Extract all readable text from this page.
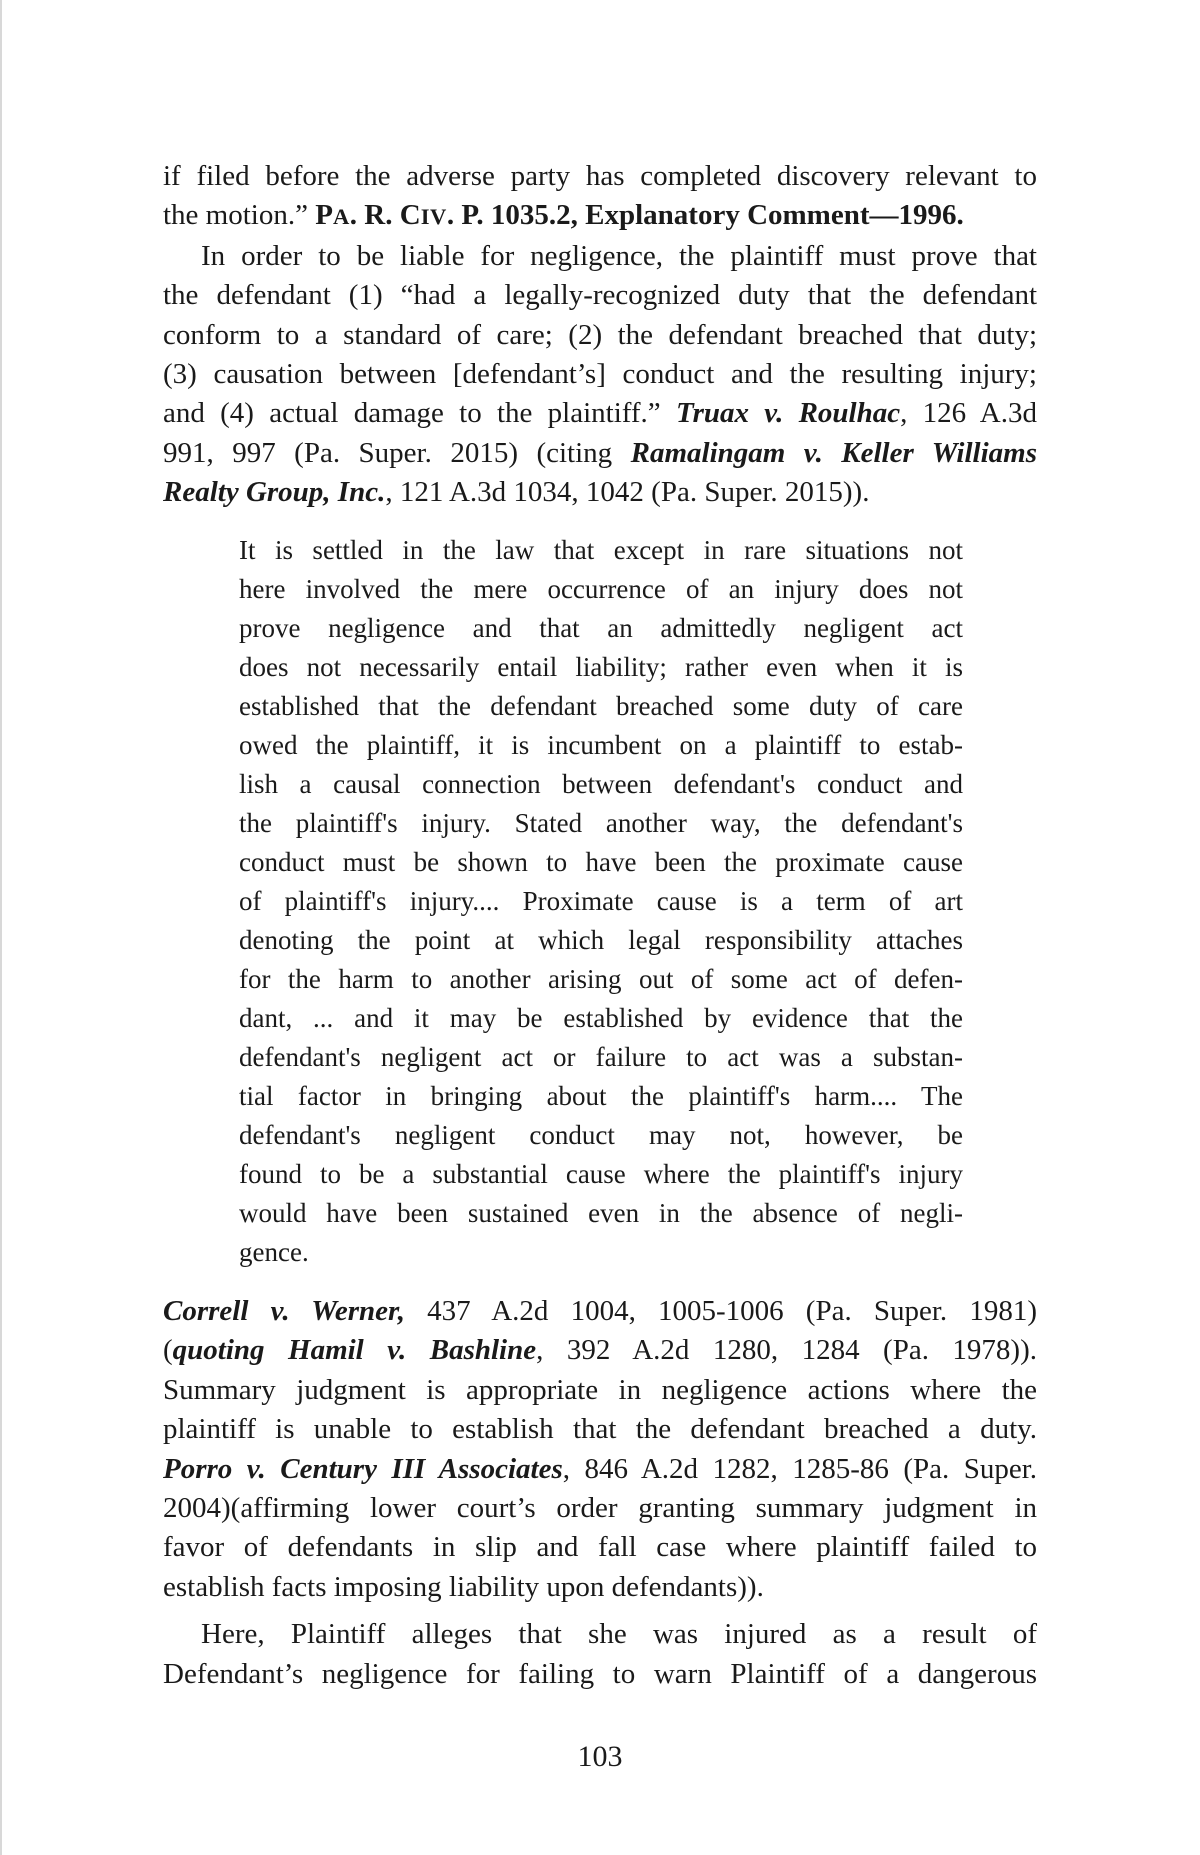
if filed before the adverse party has completed discovery relevant to
the motion.” PA. R. CIV. P. 1035.2, Explanatory Comment—1996.
In order to be liable for negligence, the plaintiff must prove that
the defendant (1) “had a legally-recognized duty that the defendant
conform to a standard of care; (2) the defendant breached that duty;
(3) causation between [defendant’s] conduct and the resulting injury;
and (4) actual damage to the plaintiff.” Truax v. Roulhac, 126 A.3d
991, 997 (Pa. Super. 2015) (citing Ramalingam v. Keller Williams
Realty Group, Inc., 121 A.3d 1034, 1042 (Pa. Super. 2015)).
It is settled in the law that except in rare situations not
here involved the mere occurrence of an injury does not
prove negligence and that an admittedly negligent act
does not necessarily entail liability; rather even when it is
established that the defendant breached some duty of care
owed the plaintiff, it is incumbent on a plaintiff to estab-
lish a causal connection between defendant's conduct and
the plaintiff's injury. Stated another way, the defendant's
conduct must be shown to have been the proximate cause
of plaintiff's injury.... Proximate cause is a term of art
denoting the point at which legal responsibility attaches
for the harm to another arising out of some act of defen-
dant, ... and it may be established by evidence that the
defendant's negligent act or failure to act was a substan-
tial factor in bringing about the plaintiff's harm.... The
defendant's negligent conduct may not, however, be
found to be a substantial cause where the plaintiff's injury
would have been sustained even in the absence of negli-
gence.
Correll v. Werner, 437 A.2d 1004, 1005-1006 (Pa. Super. 1981)
(quoting Hamil v. Bashline, 392 A.2d 1280, 1284 (Pa. 1978)).
Summary judgment is appropriate in negligence actions where the
plaintiff is unable to establish that the defendant breached a duty.
Porro v. Century III Associates, 846 A.2d 1282, 1285-86 (Pa. Super.
2004)(affirming lower court’s order granting summary judgment in
favor of defendants in slip and fall case where plaintiff failed to
establish facts imposing liability upon defendants)).
Here, Plaintiff alleges that she was injured as a result of
Defendant’s negligence for failing to warn Plaintiff of a dangerous
103
